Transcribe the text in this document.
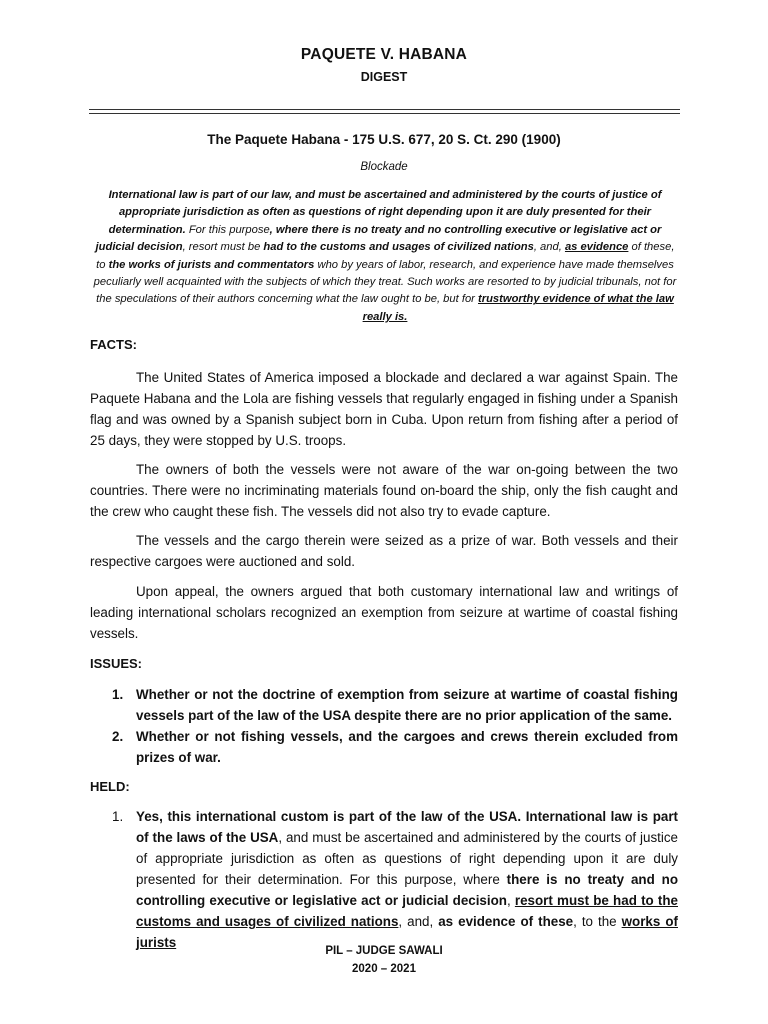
PAQUETE V. HABANA
DIGEST
The Paquete Habana - 175 U.S. 677, 20 S. Ct. 290 (1900)
Blockade
International law is part of our law, and must be ascertained and administered by the courts of justice of appropriate jurisdiction as often as questions of right depending upon it are duly presented for their determination. For this purpose, where there is no treaty and no controlling executive or legislative act or judicial decision, resort must be had to the customs and usages of civilized nations, and, as evidence of these, to the works of jurists and commentators who by years of labor, research, and experience have made themselves peculiarly well acquainted with the subjects of which they treat. Such works are resorted to by judicial tribunals, not for the speculations of their authors concerning what the law ought to be, but for trustworthy evidence of what the law really is.
FACTS:
The United States of America imposed a blockade and declared a war against Spain. The Paquete Habana and the Lola are fishing vessels that regularly engaged in fishing under a Spanish flag and was owned by a Spanish subject born in Cuba. Upon return from fishing after a period of 25 days, they were stopped by U.S. troops.
The owners of both the vessels were not aware of the war on-going between the two countries. There were no incriminating materials found on-board the ship, only the fish caught and the crew who caught these fish. The vessels did not also try to evade capture.
The vessels and the cargo therein were seized as a prize of war. Both vessels and their respective cargoes were auctioned and sold.
Upon appeal, the owners argued that both customary international law and writings of leading international scholars recognized an exemption from seizure at wartime of coastal fishing vessels.
ISSUES:
1. Whether or not the doctrine of exemption from seizure at wartime of coastal fishing vessels part of the law of the USA despite there are no prior application of the same.
2. Whether or not fishing vessels, and the cargoes and crews therein excluded from prizes of war.
HELD:
1. Yes, this international custom is part of the law of the USA. International law is part of the laws of the USA, and must be ascertained and administered by the courts of justice of appropriate jurisdiction as often as questions of right depending upon it are duly presented for their determination. For this purpose, where there is no treaty and no controlling executive or legislative act or judicial decision, resort must be had to the customs and usages of civilized nations, and, as evidence of these, to the works of jurists
PIL – JUDGE SAWALI
2020 – 2021
